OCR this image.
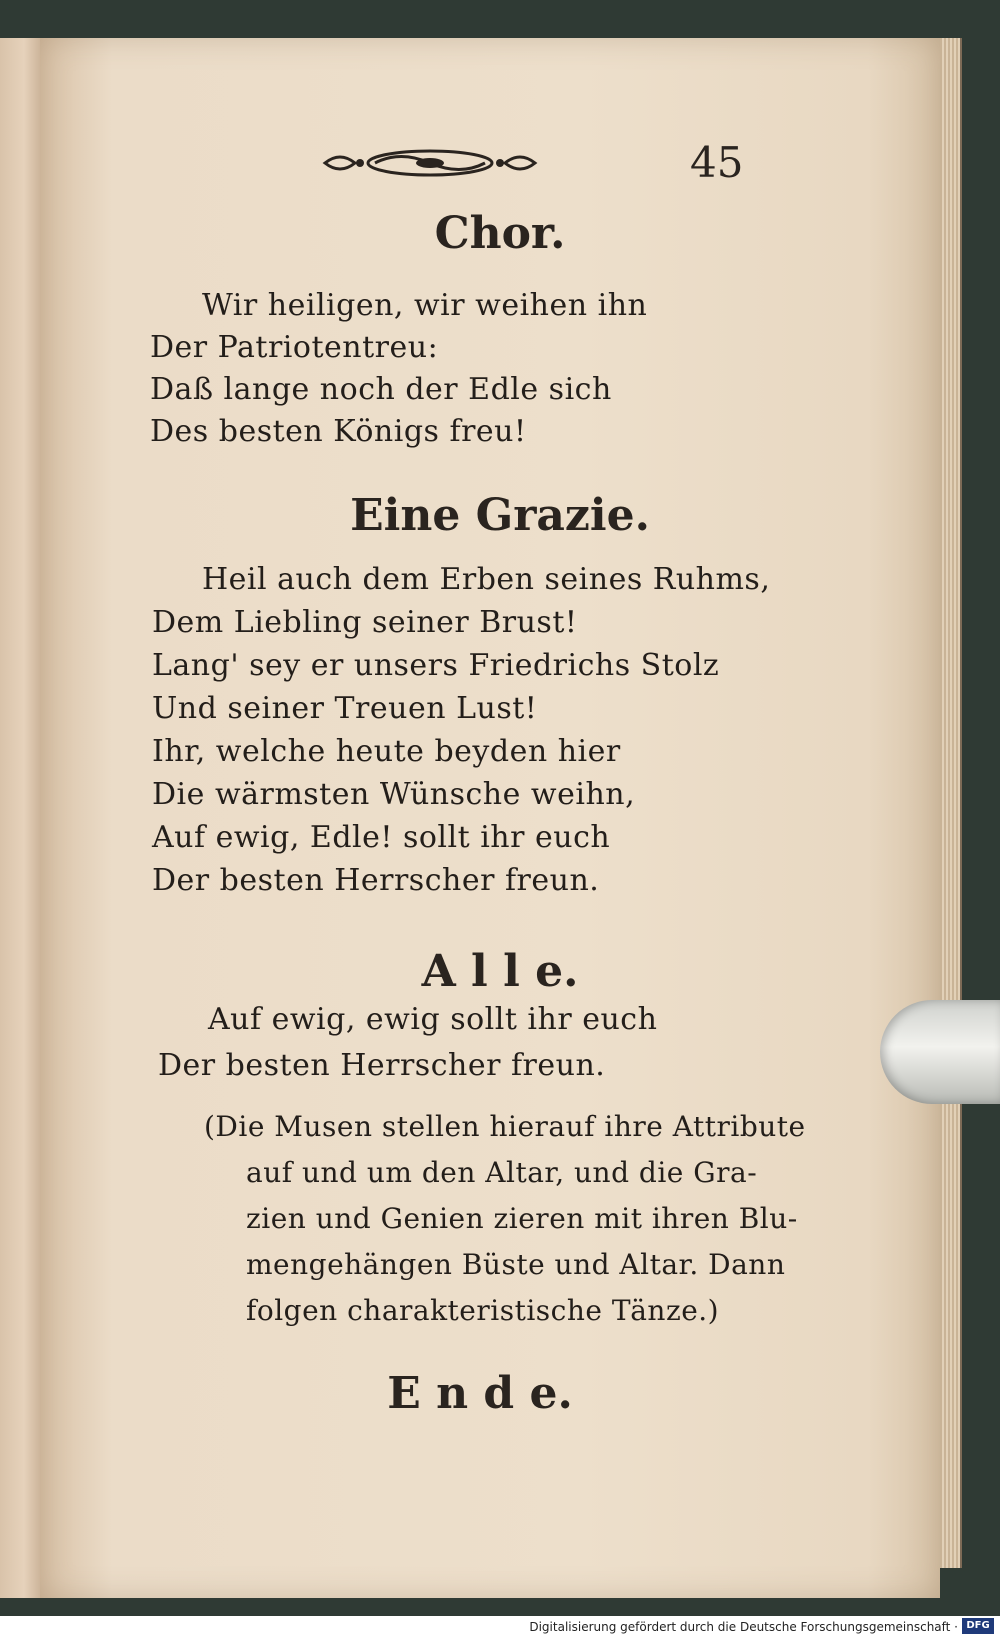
45
Chor.
Wir heiligen, wir weihen ihn
Der Patriotentreu:
Daß lange noch der Edle sich
Des besten Königs freu!
Eine Grazie.
Heil auch dem Erben seines Ruhms,
Dem Liebling seiner Brust!
Lang' sey er unsers Friedrichs Stolz
Und seiner Treuen Lust!
Ihr, welche heute beyden hier
Die wärmsten Wünsche weihn,
Auf ewig, Edle! sollt ihr euch
Der besten Herrscher freun.
A l l e.
Auf ewig, ewig sollt ihr euch
Der besten Herrscher freun.
(Die Musen stellen hierauf ihre Attribute
auf und um den Altar, und die Gra-
zien und Genien zieren mit ihren Blu-
mengehängen Büste und Altar. Dann
folgen charakteristische Tänze.)
E n d e.
Digitalisierung gefördert durch die Deutsche Forschungsgemeinschaft · DFG
